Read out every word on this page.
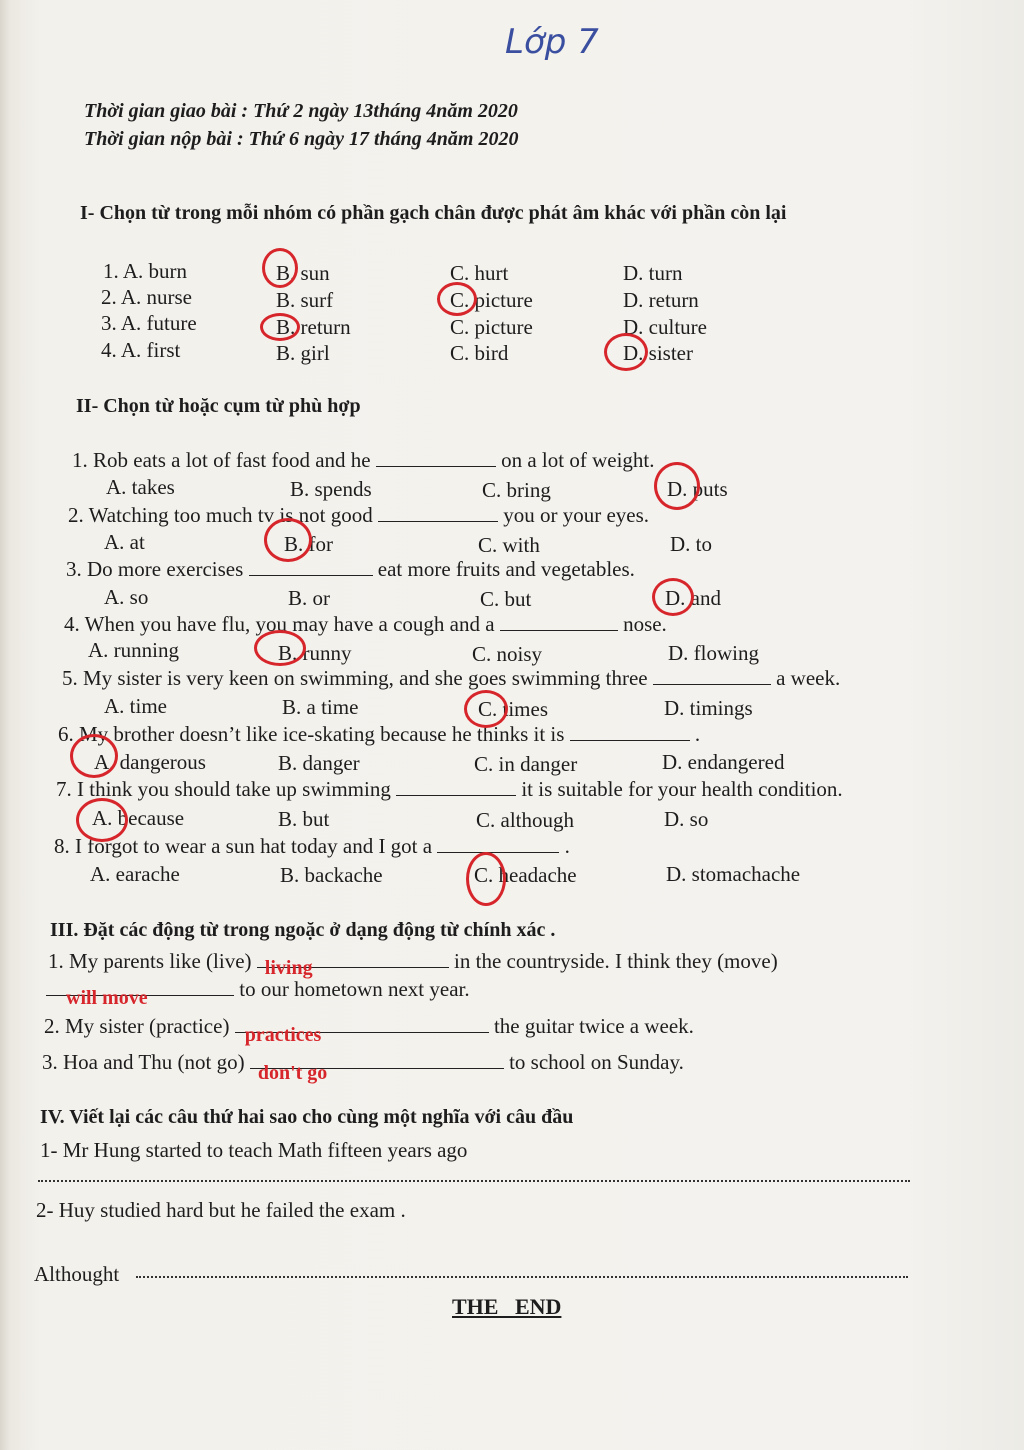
Lớp 7
Thời gian giao bài : Thứ 2 ngày 13tháng 4năm 2020
Thời gian nộp bài : Thứ 6 ngày 17 tháng 4năm 2020
I- Chọn từ trong mỗi nhóm có phần gạch chân được phát âm khác với phần còn lại
1. A. burn	B. sun	C. hurt	D. turn
2. A. nurse	B. surf	C. picture	D. return
3. A. future	B. return	C. picture	D. culture
4. A. first	B. girl	C. bird	D. sister
II- Chọn từ hoặc cụm từ phù hợp
1. Rob eats a lot of fast food and he	on a lot of weight.
A. takes	B. spends	C. bring	D. puts
2. Watching too much tv is not good	you or your eyes.
A. at	B. for	C. with	D. to
3. Do more exercises	eat more fruits and vegetables.
A. so	B. or	C. but	D. and
4. When you have flu, you may have a cough and a	nose.
A. running	B. runny	C. noisy	D. flowing
5. My sister is very keen on swimming, and she goes swimming three	a week.
A. time	B. a time	C. times	D. timings
6. My brother doesn’t like ice-skating because he thinks it is	.
A. dangerous	B. danger	C. in danger	D. endangered
7. I think you should take up swimming	it is suitable for your health condition.
A. because	B. but	C. although	D. so
8. I forgot to wear a sun hat today and I got a	.
A. earache	B. backache	C. headache	D. stomachache
III. Đặt các động từ trong ngoặc ở dạng động từ chính xác .
1. My parents like (live) living	in the countryside. I think they (move)
will move	to our hometown next year.
2. My sister (practice) practices	the guitar twice a week.
3. Hoa and Thu (not go) don't go	to school on Sunday.
IV. Viết lại các câu thứ hai sao cho cùng một nghĩa với câu đầu
1- Mr Hung started to teach Math fifteen years ago
2- Huy studied hard but he failed the exam .
Althought
THE   END
